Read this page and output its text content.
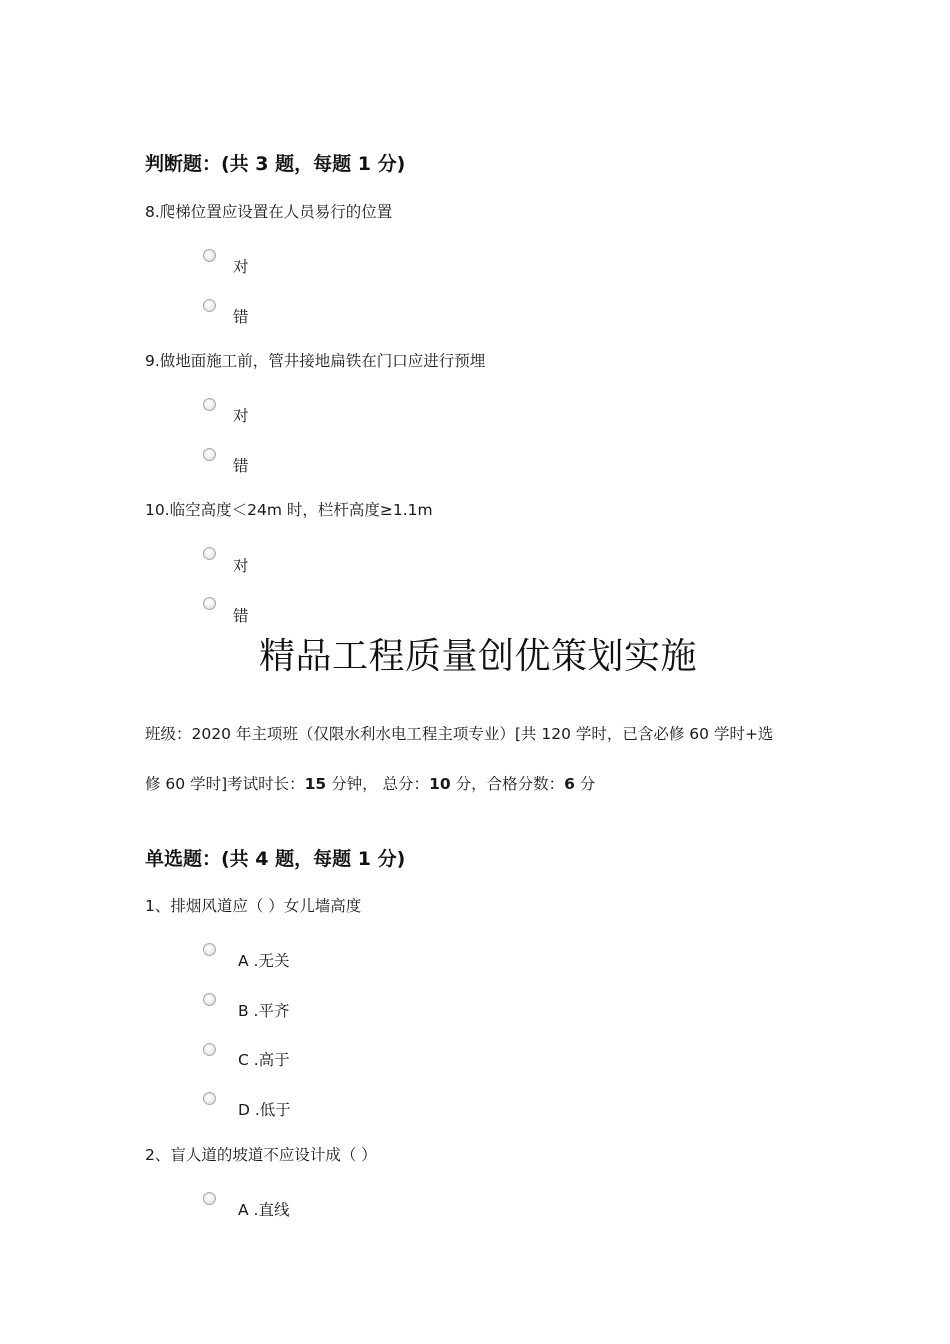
判断题：(共 3 题，每题 1 分)
8.爬梯位置应设置在人员易行的位置
对
错
9.做地面施工前，管井接地扁铁在门口应进行预埋
对
错
10.临空高度＜24m 时，栏杆高度≥1.1m
对
错
精品工程质量创优策划实施
班级：2020 年主项班（仅限水利水电工程主项专业）[共 120 学时，已含必修 60 学时+选
修 60 学时]考试时长：15 分钟， 总分：10 分，合格分数：6 分
单选题：(共 4 题，每题 1 分)
1、排烟风道应（ ）女儿墙高度
A .无关
B .平齐
C .高于
D .低于
2、盲人道的坡道不应设计成（ ）
A .直线
